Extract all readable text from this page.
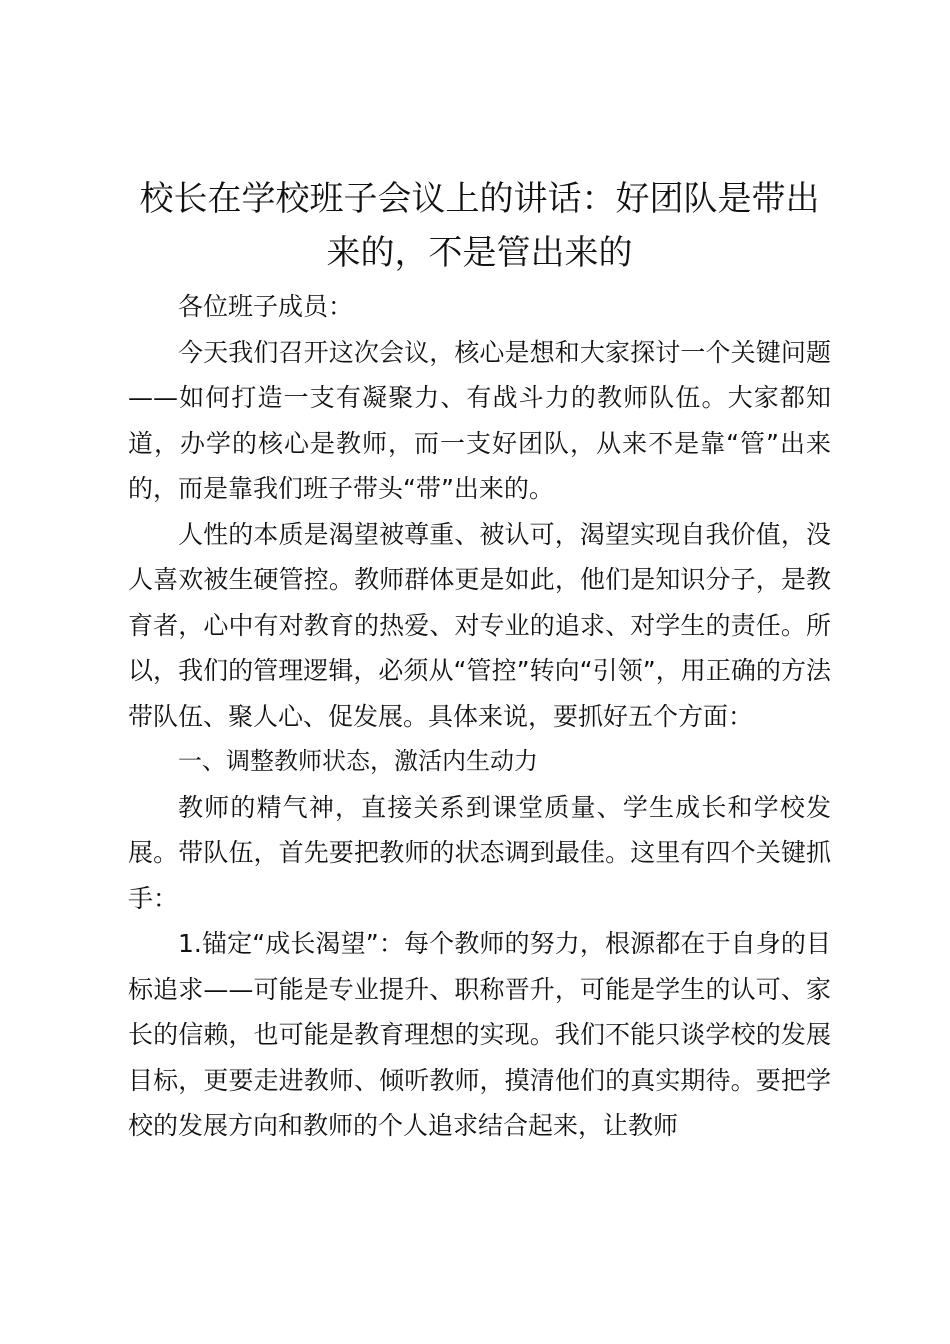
校长在学校班子会议上的讲话：好团队是带出来的，不是管出来的

各位班子成员：

今天我们召开这次会议，核心是想和大家探讨一个关键问题——如何打造一支有凝聚力、有战斗力的教师队伍。大家都知道，办学的核心是教师，而一支好团队，从来不是靠“管”出来的，而是靠我们班子带头“带”出来的。

人性的本质是渴望被尊重、被认可，渴望实现自我价值，没人喜欢被生硬管控。教师群体更是如此，他们是知识分子，是教育者，心中有对教育的热爱、对专业的追求、对学生的责任。所以，我们的管理逻辑，必须从“管控”转向“引领”，用正确的方法带队伍、聚人心、促发展。具体来说，要抓好五个方面：

一、调整教师状态，激活内生动力

教师的精气神，直接关系到课堂质量、学生成长和学校发展。带队伍，首先要把教师的状态调到最佳。这里有四个关键抓手：

1.锚定“成长渴望”：每个教师的努力，根源都在于自身的目标追求——可能是专业提升、职称晋升，可能是学生的认可、家长的信赖，也可能是教育理想的实现。我们不能只谈学校的发展目标，更要走进教师、倾听教师，摸清他们的真实期待。要把学校的发展方向和教师的个人追求结合起来，让教师
